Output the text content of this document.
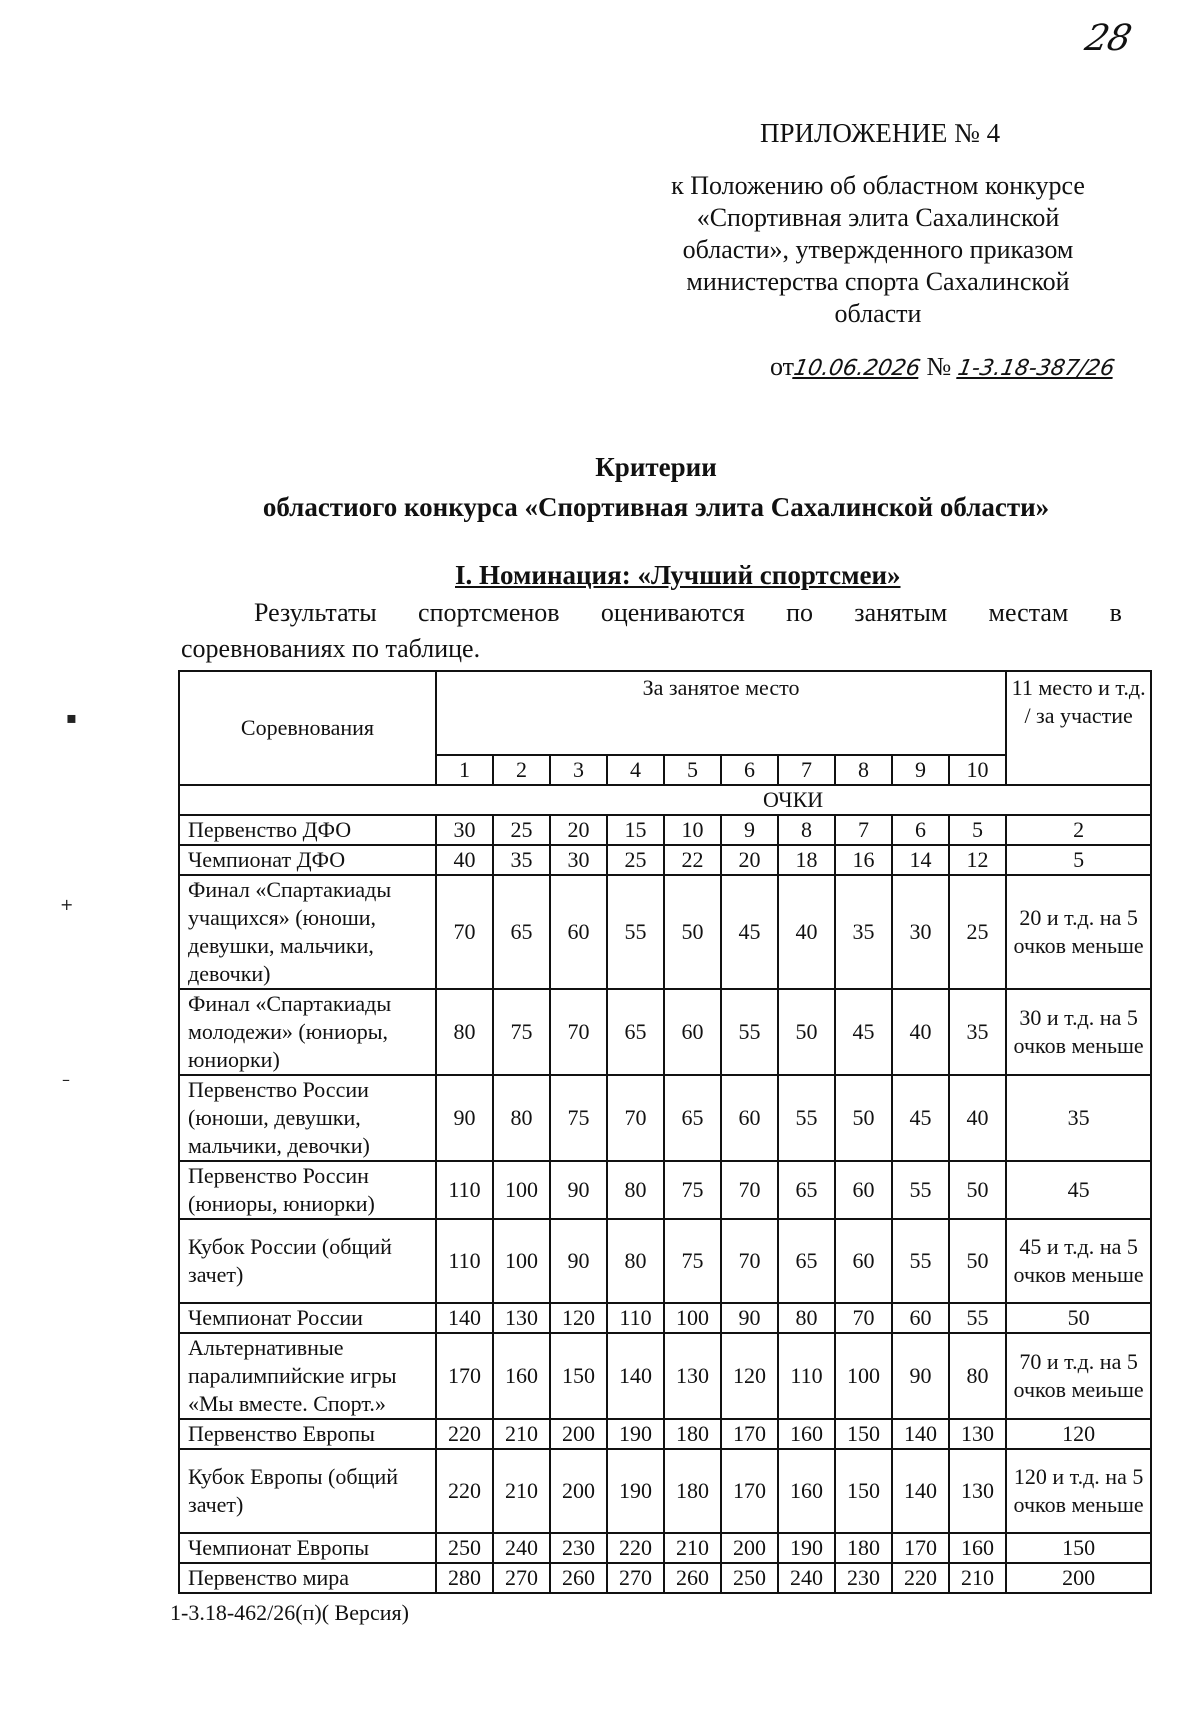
28
ПРИЛОЖЕНИЕ № 4
к Положению об областном конкурсе
«Спортивная элита Сахалинской
области», утвержденного приказом
министерства спорта Сахалинской
области
от10.06.2026 № 1-3.18-387/26
Критерии
областиого конкурса «Спортивная элита Сахалинской области»
I. Номинация: «Лучший спортсмеи»
Результаты спортсменов оцениваются по занятым местам в
соревнованиях по таблице.
Соревнования	За занятое место										11 место и т.д. / за участие
	1	2	3	4	5	6	7	8	9	10	
	ОЧКИ										
Первенство ДФО	30	25	20	15	10	9	8	7	6	5	2
Чемпионат ДФО	40	35	30	25	22	20	18	16	14	12	5
Финал «Спартакиады учащихся» (юноши, девушки, мальчики, девочки)	70	65	60	55	50	45	40	35	30	25	20 и т.д. на 5 очков меньше
Финал «Спартакиады молодежи» (юниоры, юниорки)	80	75	70	65	60	55	50	45	40	35	30 и т.д. на 5 очков меньше
Первенство России (юноши, девушки, мальчики, девочки)	90	80	75	70	65	60	55	50	45	40	35
Первенство Россин (юниоры, юниорки)	110	100	90	80	75	70	65	60	55	50	45
Кубок России (общий зачет)	110	100	90	80	75	70	65	60	55	50	45 и т.д. на 5 очков меньше
Чемпионат России	140	130	120	110	100	90	80	70	60	55	50
Альтернативные паралимпийские игры «Мы вместе. Спорт.»	170	160	150	140	130	120	110	100	90	80	70 и т.д. на 5 очков меиьше
Первенство Европы	220	210	200	190	180	170	160	150	140	130	120
Кубок Европы (общий зачет)	220	210	200	190	180	170	160	150	140	130	120 и т.д. на 5 очков меньше
Чемпионат Европы	250	240	230	220	210	200	190	180	170	160	150
Первенство мира	280	270	260	270	260	250	240	230	220	210	200
1-3.18-462/26(п)( Версия)
▪
+
–
